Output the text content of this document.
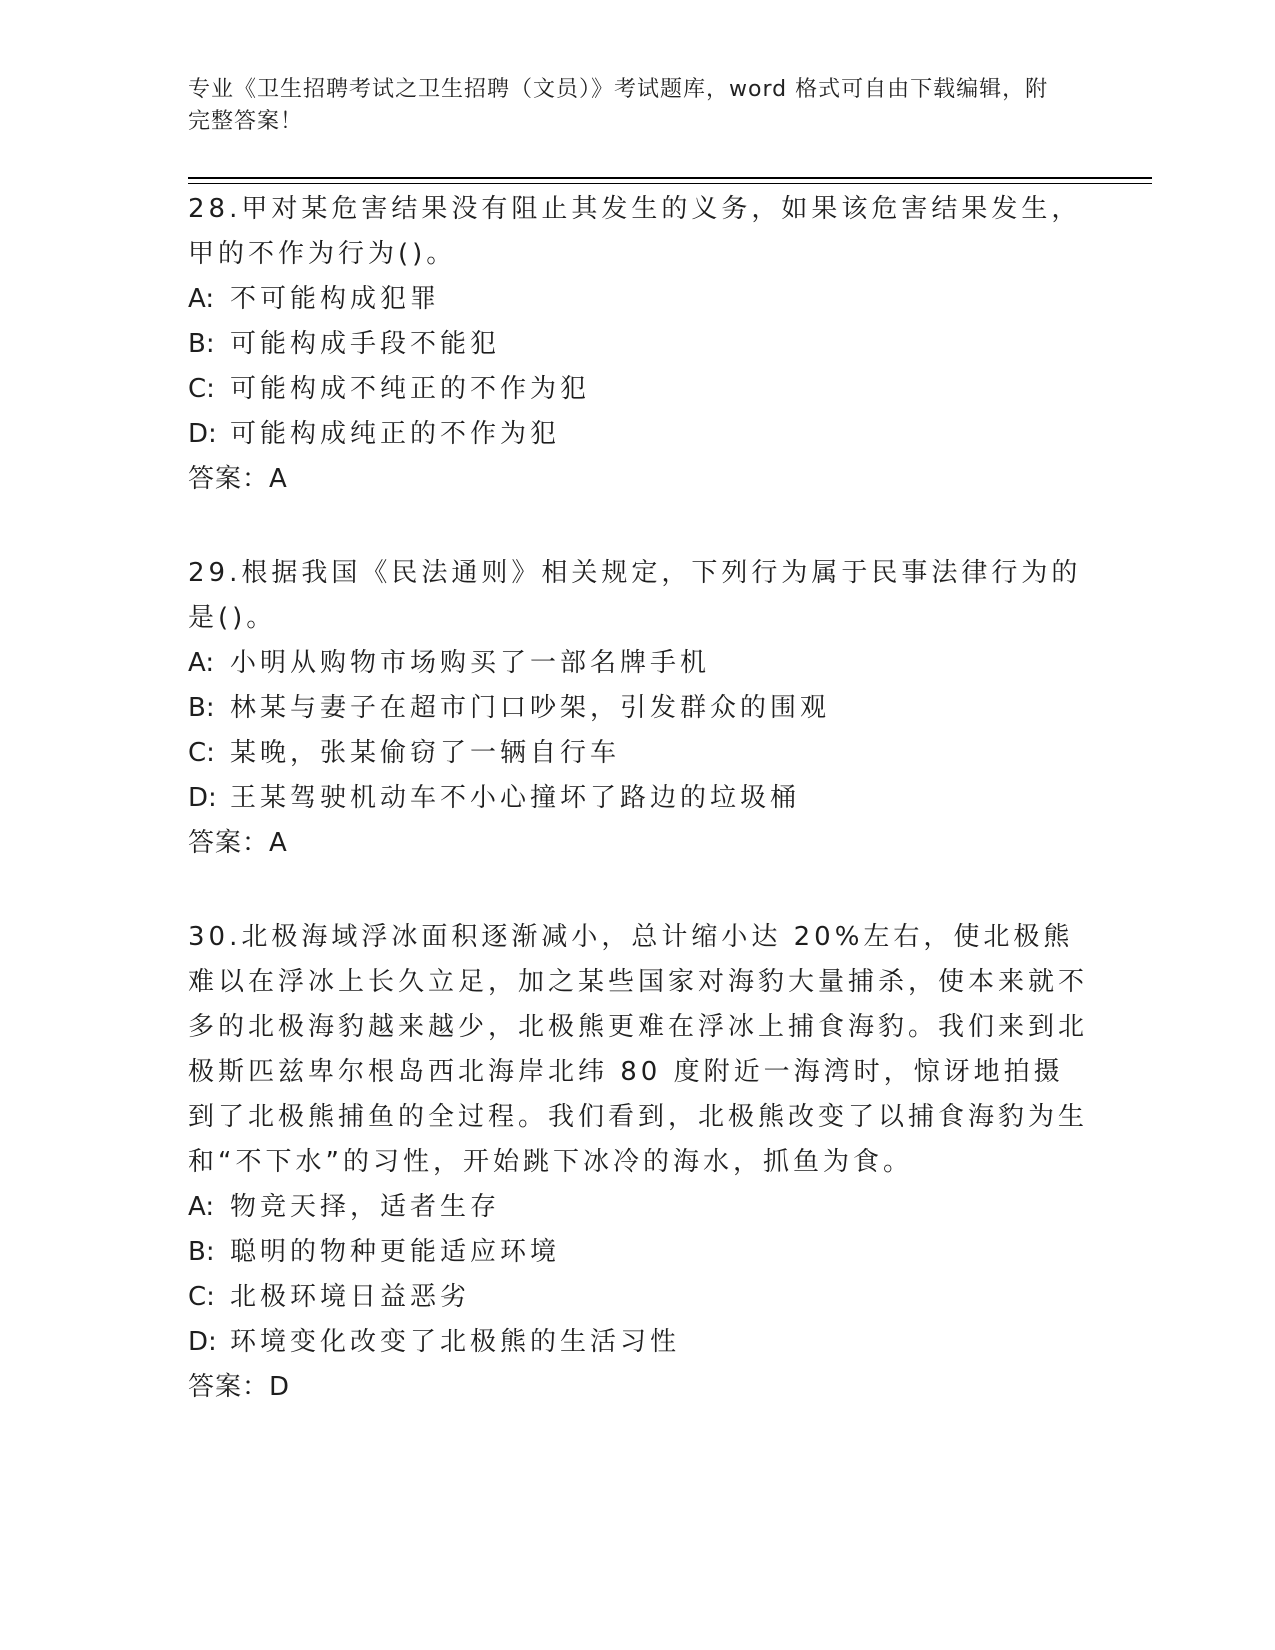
专业《卫生招聘考试之卫生招聘（文员）》考试题库，word 格式可自由下载编辑，附完整答案！
28.甲对某危害结果没有阻止其发生的义务，如果该危害结果发生，甲的不作为行为()。
A: 不可能构成犯罪
B: 可能构成手段不能犯
C: 可能构成不纯正的不作为犯
D: 可能构成纯正的不作为犯
答案：A
29.根据我国《民法通则》相关规定，下列行为属于民事法律行为的是()。
A: 小明从购物市场购买了一部名牌手机
B: 林某与妻子在超市门口吵架，引发群众的围观
C: 某晚，张某偷窃了一辆自行车
D: 王某驾驶机动车不小心撞坏了路边的垃圾桶
答案：A
30.北极海域浮冰面积逐渐减小，总计缩小达 20%左右，使北极熊难以在浮冰上长久立足，加之某些国家对海豹大量捕杀，使本来就不多的北极海豹越来越少，北极熊更难在浮冰上捕食海豹。我们来到北极斯匹兹卑尔根岛西北海岸北纬 80 度附近一海湾时，惊讶地拍摄到了北极熊捕鱼的全过程。我们看到，北极熊改变了以捕食海豹为生和“不下水”的习性，开始跳下冰冷的海水，抓鱼为食。
A: 物竞天择，适者生存
B: 聪明的物种更能适应环境
C: 北极环境日益恶劣
D: 环境变化改变了北极熊的生活习性
答案：D
